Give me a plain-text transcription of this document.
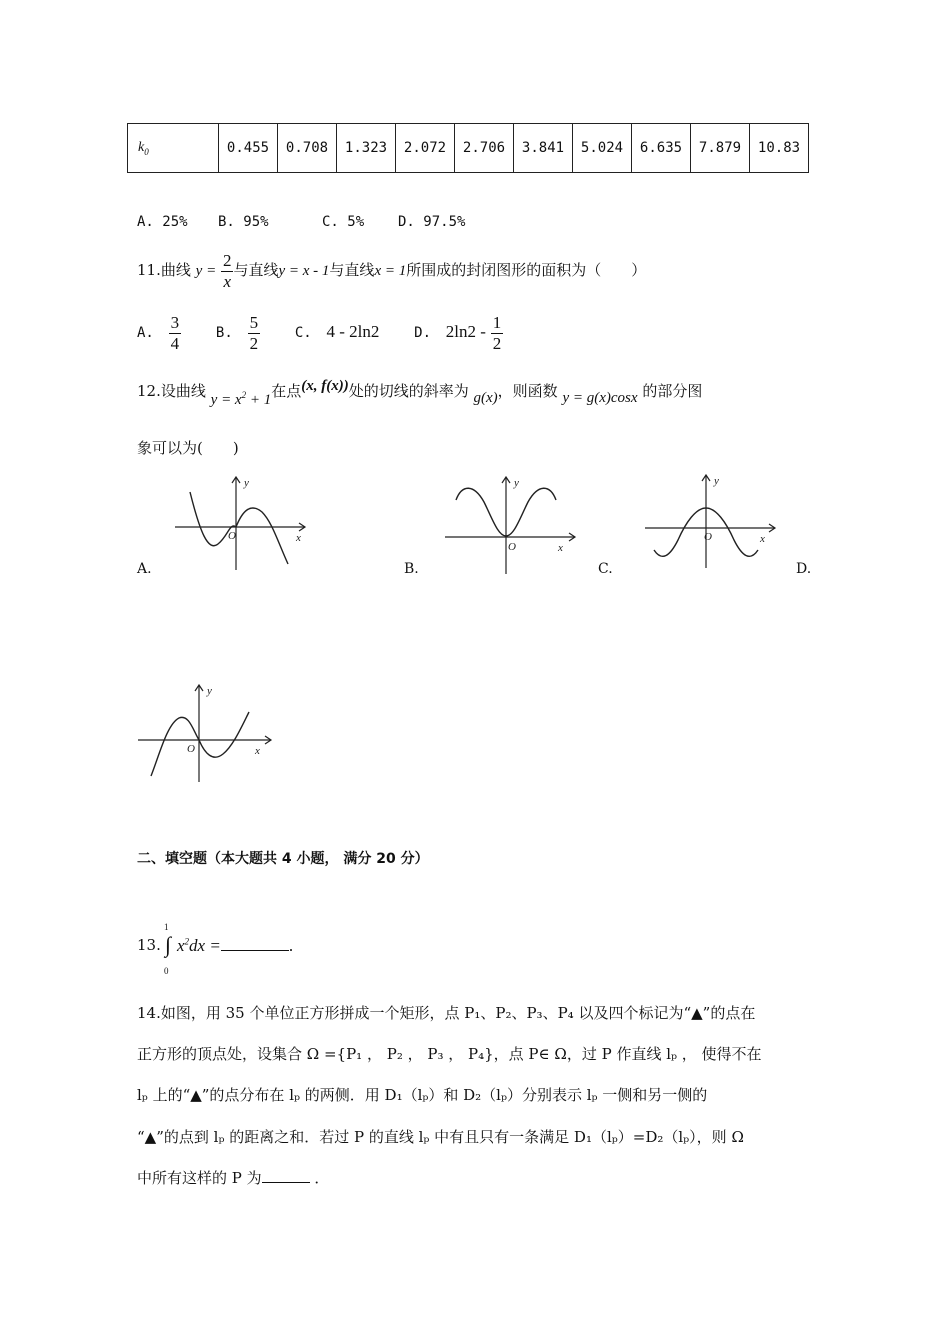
$k_0$	0.455	0.708	1.323	2.072	2.706	3.841	5.024	6.635	7.879	10.83
A. 25% B. 95%	C. 5% D. 97.5%
11.曲线 $y = \frac{2}{x}$ 与直线y = x - 1与直线x = 1所围成的封闭图形的面积为（　　）
A. $\frac{3}{4} B$. $\frac{5}{2} C$. 4 - 2ln2 D. $2\ln 2 - \frac{1}{2}$
12.设曲线 $y = x^2 + 1$在点(x, f(x))处的切线的斜率为 g(x)，则函数 y = g(x)cosx 的部分图
象可以为(　　)
y
x
O
A.
y
x
O
B.
y
x
O
C.	D.
y
x
O
二、填空题（本大题共 4 小题， 满分 20 分）
13.
1
0
∫ $x^2dx$ =	.
14.如图，用 35 个单位正方形拼成一个矩形，点 P₁、P₂、P₃、P₄ 以及四个标记为“▲”的点在
正方形的顶点处，设集合 Ω ={P₁ ， P₂ ， P₃ ， P₄}，点 P∈ Ω，过 P 作直线 lₚ ， 使得不在
lₚ 上的“▲”的点分布在 lₚ 的两侧．用 D₁（lₚ）和 D₂（lₚ）分别表示 lₚ 一侧和另一侧的
“▲”的点到 lₚ 的距离之和．若过 P 的直线 lₚ 中有且只有一条满足 D₁（lₚ）=D₂（lₚ），则 Ω
中所有这样的 P 为	．
